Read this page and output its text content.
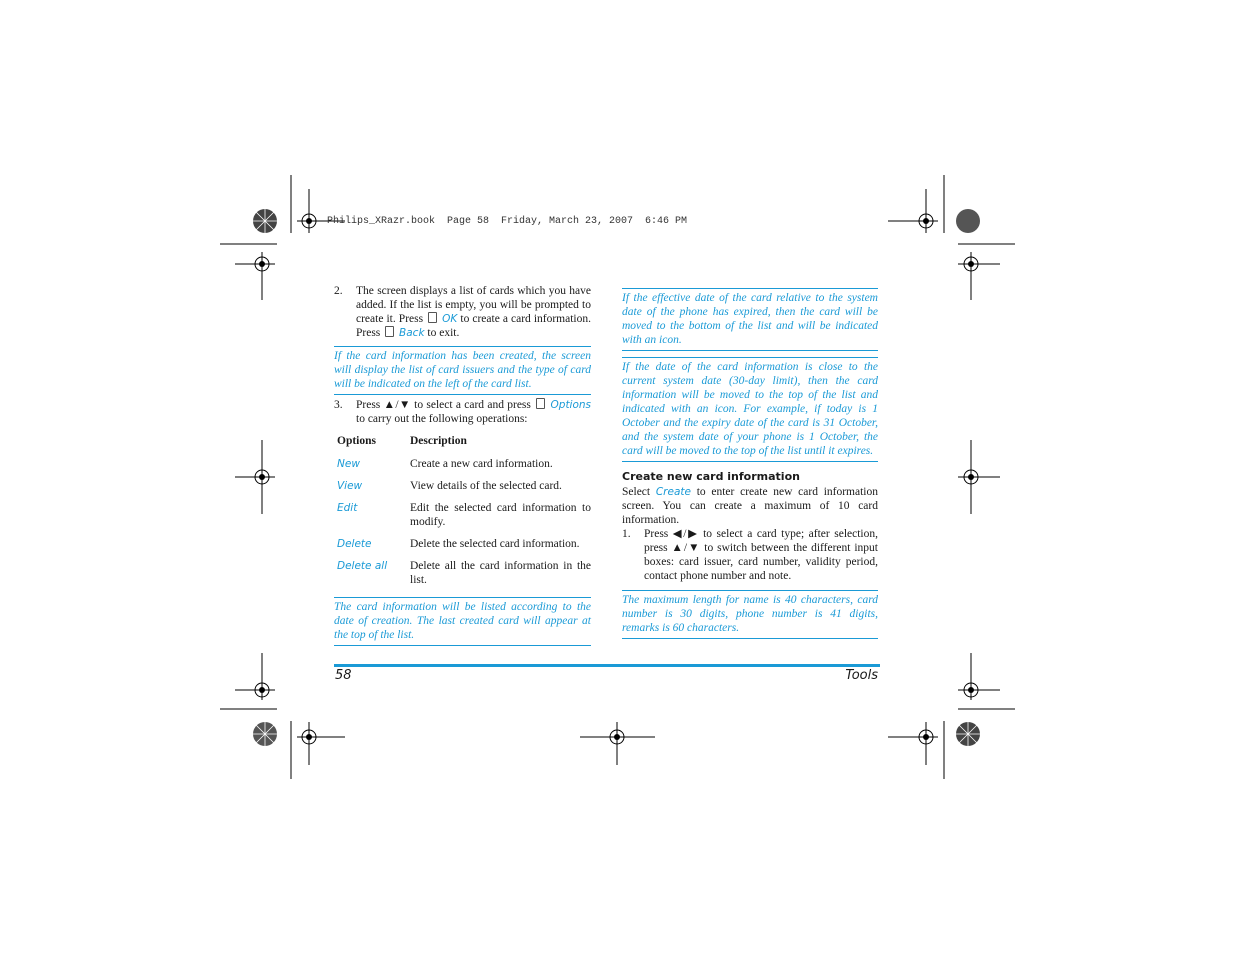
Philips_XRazr.book  Page 58  Friday, March 23, 2007  6:46 PM
2.	The screen displays a list of cards which you have added. If the list is empty, you will be prompted to create it. Press OK to create a card information. Press Back to exit.

If the card information has been created, the screen will display the list of card issuers and the type of card will be indicated on the left of the card list.

3.	Press ▲/▼ to select a card and press Options to carry out the following operations:

Options	Description
New	Create a new card information.
View	View details of the selected card.
Edit	Edit the selected card information to modify.
Delete	Delete the selected card information.
Delete all	Delete all the card information in the list.

The card information will be listed according to the date of creation. The last created card will appear at the top of the list.

If the effective date of the card relative to the system date of the phone has expired, then the card will be moved to the bottom of the list and will be indicated with an icon.

If the date of the card information is close to the current system date (30-day limit), then the card information will be moved to the top of the list and indicated with an icon. For example, if today is 1 October and the expiry date of the card is 31 October, and the system date of your phone is 1 October, the card will be moved to the top of the list until it expires.

Create new card information

Select Create to enter create new card information screen. You can create a maximum of 10 card information.

1.	Press ◀/▶ to select a card type; after selection, press ▲/▼ to switch between the different input boxes: card issuer, card number, validity period, contact phone number and note.

The maximum length for name is 40 characters, card number is 30 digits, phone number is 41 digits, remarks is 60 characters.

58	Tools
